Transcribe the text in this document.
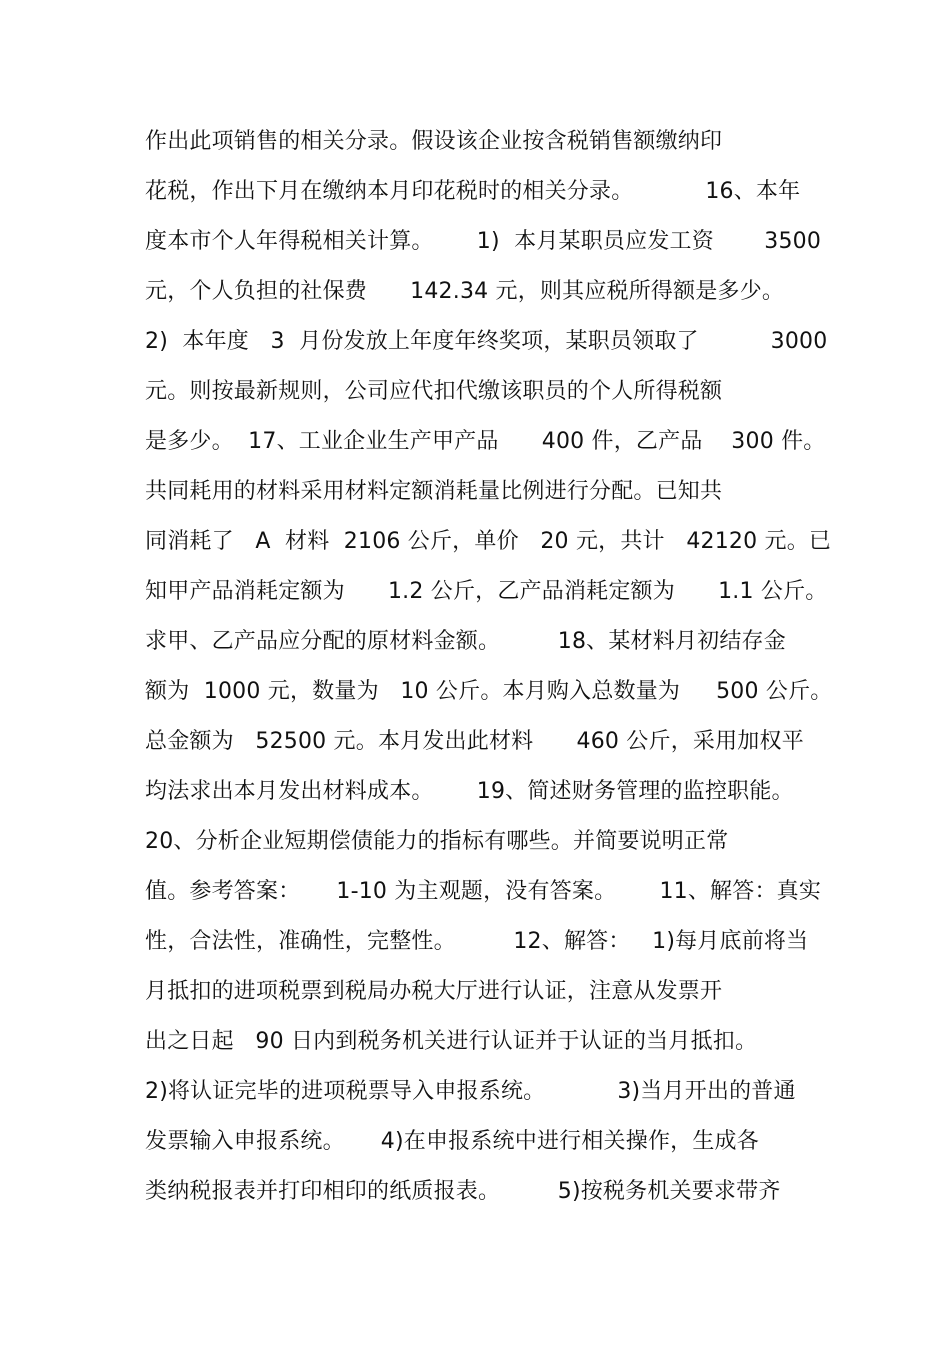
作出此项销售的相关分录。假设该企业按含税销售额缴纳印
花税，作出下月在缴纳本月印花税时的相关分录。          16、本年
度本市个人年得税相关计算。      1)  本月某职员应发工资       3500
元，个人负担的社保费      142.34 元，则其应税所得额是多少。
2)  本年度   3  月份发放上年度年终奖项，某职员领取了          3000
元。则按最新规则，公司应代扣代缴该职员的个人所得税额
是多少。  17、工业企业生产甲产品      400 件，乙产品    300 件。
共同耗用的材料采用材料定额消耗量比例进行分配。已知共
同消耗了   A  材料  2106 公斤，单价   20 元，共计   42120 元。已
知甲产品消耗定额为      1.2 公斤，乙产品消耗定额为      1.1 公斤。
求甲、乙产品应分配的原材料金额。        18、某材料月初结存金
额为  1000 元，数量为   10 公斤。本月购入总数量为     500 公斤。
总金额为   52500 元。本月发出此材料      460 公斤，采用加权平
均法求出本月发出材料成本。      19、简述财务管理的监控职能。
20、分析企业短期偿债能力的指标有哪些。并简要说明正常
值。参考答案：     1-10 为主观题，没有答案。      11、解答：真实
性，合法性，准确性，完整性。        12、解答：   1)每月底前将当
月抵扣的进项税票到税局办税大厅进行认证，注意从发票开
出之日起   90 日内到税务机关进行认证并于认证的当月抵扣。
2)将认证完毕的进项税票导入申报系统。          3)当月开出的普通
发票输入申报系统。     4)在申报系统中进行相关操作，生成各
类纳税报表并打印相印的纸质报表。        5)按税务机关要求带齐
